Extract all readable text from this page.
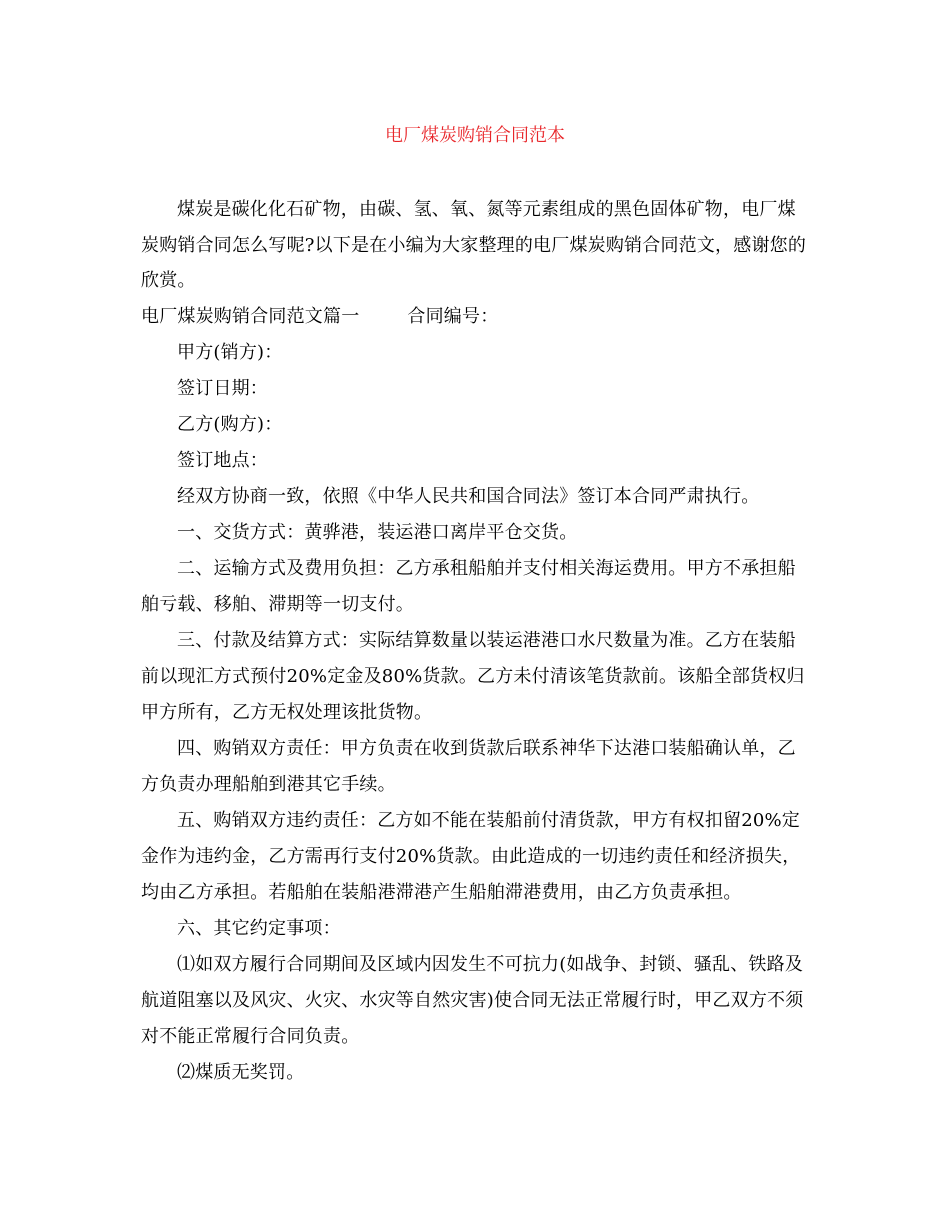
电厂煤炭购销合同范本

煤炭是碳化化石矿物，由碳、氢、氧、氮等元素组成的黑色固体矿物，电厂煤炭购销合同怎么写呢?以下是在小编为大家整理的电厂煤炭购销合同范文，感谢您的欣赏。

电厂煤炭购销合同范文篇一	合同编号：

甲方(销方)：

签订日期：

乙方(购方)：

签订地点：

经双方协商一致，依照《中华人民共和国合同法》签订本合同严肃执行。

一、交货方式：黄骅港，装运港口离岸平仓交货。

二、运输方式及费用负担：乙方承租船舶并支付相关海运费用。甲方不承担船舶亏载、移舶、滞期等一切支付。

三、付款及结算方式：实际结算数量以装运港港口水尺数量为准。乙方在装船前以现汇方式预付20%定金及80%货款。乙方未付清该笔货款前。该船全部货权归甲方所有，乙方无权处理该批货物。

四、购销双方责任：甲方负责在收到货款后联系神华下达港口装船确认单，乙方负责办理船舶到港其它手续。

五、购销双方违约责任：乙方如不能在装船前付清货款，甲方有权扣留20%定金作为违约金，乙方需再行支付20%货款。由此造成的一切违约责任和经济损失，均由乙方承担。若船舶在装船港滞港产生船舶滞港费用，由乙方负责承担。

六、其它约定事项：

⑴如双方履行合同期间及区域内因发生不可抗力(如战争、封锁、骚乱、铁路及航道阻塞以及风灾、火灾、水灾等自然灾害)使合同无法正常履行时，甲乙双方不须对不能正常履行合同负责。

⑵煤质无奖罚。
